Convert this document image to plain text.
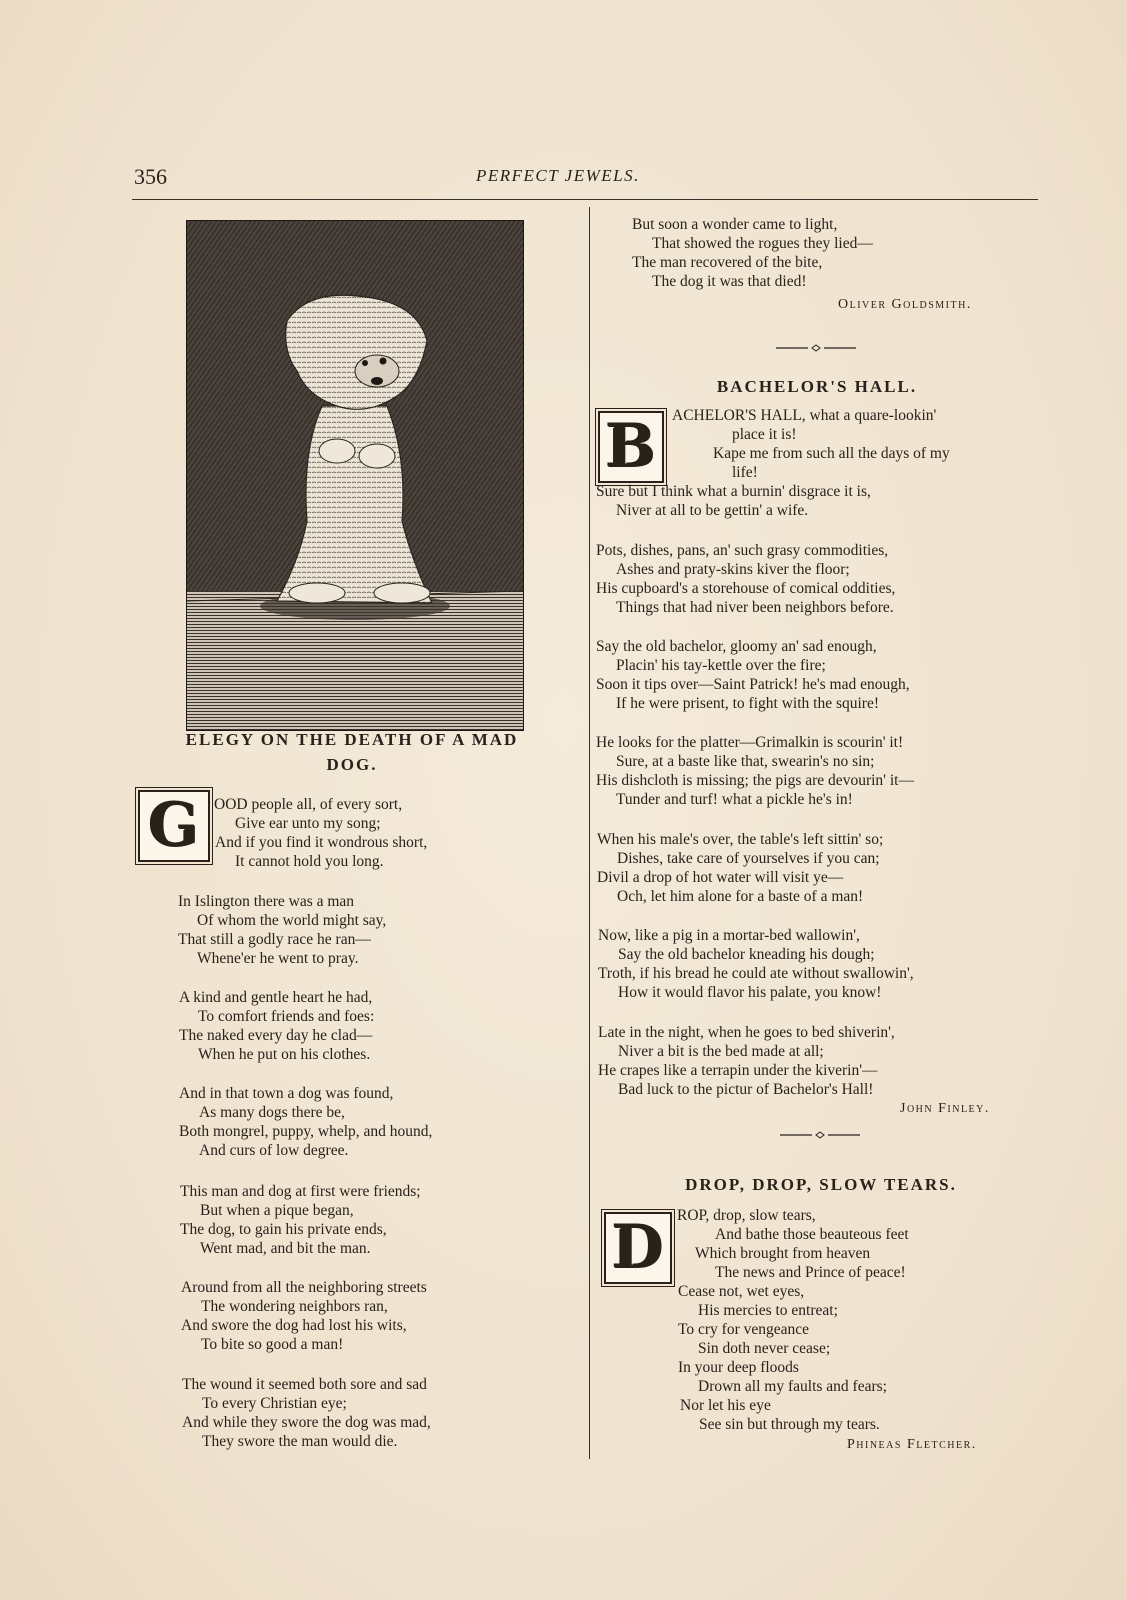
356	PERFECT JEWELS.
ELEGY ON THE DEATH OF A MAD
DOG.
G OOD people all, of every sort,
Give ear unto my song;
And if you find it wondrous short,
It cannot hold you long.
In Islington there was a man
Of whom the world might say,
That still a godly race he ran—
Whene'er he went to pray.
A kind and gentle heart he had,
To comfort friends and foes:
The naked every day he clad—
When he put on his clothes.
And in that town a dog was found,
As many dogs there be,
Both mongrel, puppy, whelp, and hound,
And curs of low degree.
This man and dog at first were friends;
But when a pique began,
The dog, to gain his private ends,
Went mad, and bit the man.
Around from all the neighboring streets
The wondering neighbors ran,
And swore the dog had lost his wits,
To bite so good a man!
The wound it seemed both sore and sad
To every Christian eye;
And while they swore the dog was mad,
They swore the man would die.
But soon a wonder came to light,
That showed the rogues they lied—
The man recovered of the bite,
The dog it was that died!
Oliver Goldsmith.
BACHELOR'S HALL.
B ACHELOR'S HALL, what a quare-lookin'
place it is!
Kape me from such all the days of my
life!
Sure but I think what a burnin' disgrace it is,
Niver at all to be gettin' a wife.
Pots, dishes, pans, an' such grasy commodities,
Ashes and praty-skins kiver the floor;
His cupboard's a storehouse of comical oddities,
Things that had niver been neighbors before.
Say the old bachelor, gloomy an' sad enough,
Placin' his tay-kettle over the fire;
Soon it tips over—Saint Patrick! he's mad enough,
If he were prisent, to fight with the squire!
He looks for the platter—Grimalkin is scourin' it!
Sure, at a baste like that, swearin's no sin;
His dishcloth is missing; the pigs are devourin' it—
Tunder and turf! what a pickle he's in!
When his male's over, the table's left sittin' so;
Dishes, take care of yourselves if you can;
Divil a drop of hot water will visit ye—
Och, let him alone for a baste of a man!
Now, like a pig in a mortar-bed wallowin',
Say the old bachelor kneading his dough;
Troth, if his bread he could ate without swallowin',
How it would flavor his palate, you know!
Late in the night, when he goes to bed shiverin',
Niver a bit is the bed made at all;
He crapes like a terrapin under the kiverin'—
Bad luck to the pictur of Bachelor's Hall!
John Finley.
DROP, DROP, SLOW TEARS.
D ROP, drop, slow tears,
And bathe those beauteous feet
Which brought from heaven
The news and Prince of peace!
Cease not, wet eyes,
His mercies to entreat;
To cry for vengeance
Sin doth never cease;
In your deep floods
Drown all my faults and fears;
Nor let his eye
See sin but through my tears.
Phineas Fletcher.
